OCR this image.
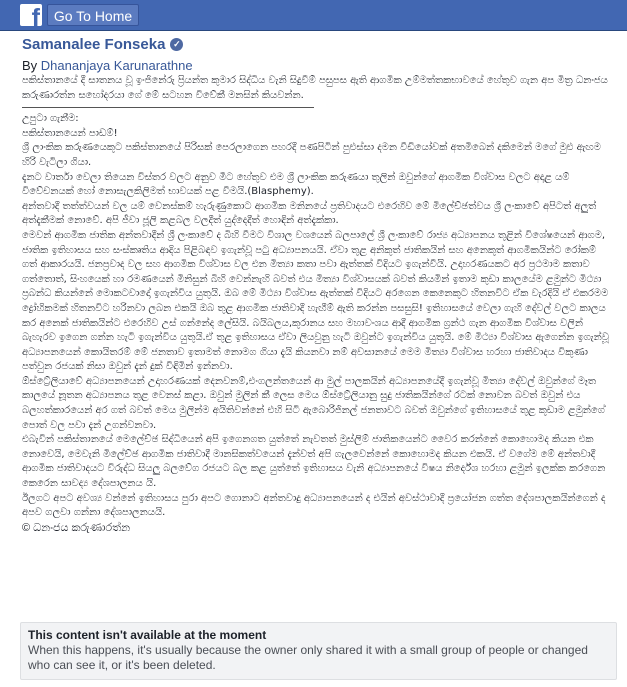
f Go To Home
Samanalee Fonseka ✓
By Dhananjaya Karunarathne

පකිස්තානයේ දී සාතනය වූ ඉංජිනේරු ප්‍රියන්ත කුමාර සිද්ධිය වැනි සිදුවීම් පසුපස ඇති ආගමික උම්මත්තකභාවයේ හේතුව ගැන අප මිත්‍ර ධනංජය කරුණාරත්න සහෝදරයා ගේ මේ සටහන විවේකී මනසින් කියවන්න.

උපුටා ගැනීම:

පකිස්තානයෙන් පාඩම්!

ශ්‍රී ලාංකික කරුණයෙකුට පකිස්තානයේ පිරිසක් පෙරලාගෙන පහරදී පණපිටින් පුළුස්සා දමන වීඩියෝවක් අතමිබෙන් දකිමෙන් මගේ මුළු ඇඟම හිරි වැටිලා ගියා.

දැනට වාර්තා වෙලා තියෙන විස්තර වලට අනුව මීට හේතුව එම ශ්‍රී ලාංකික කරුණයා තුලින් ඔවුන්ගේ ආගමික විශ්වාස වලට අදාළ යම් විවේචනයක් හෝ නොසැලකිලිමත් භාවයක් පළ වීමයි.(Blasphemy).

අන්තවාදී තත්ත්වයන් වල යම් වෙනස්කම් හැරුණුකොට ආගමික මනිනයේ ප්‍රතිවාදයට එරෙහිව මේ මිලේච්ඡත්වය ශ්‍රී ලංකාවේ අපිටත් අලුත් අත්දැකීමක් නොවේ. අපි ජීවා ජූලි කළබල වලදීත් යුද්දෙදීත් හොඳින් අත්දැක්කා.

මෙවන් ආගමික ජාතික අන්තවාදීන් ශ්‍රී ලංකාවේ ද බිහි වීමට විශාල වශයෙන් බලපාලේ ශ්‍රී ලංකාවේ රාජ්‍ය අධ්‍යාපනය තුළින් විශේෂයෙන් ආගම, ජාතික ඉතිහාසය සහ සංස්කෘතිය ආදිය පිළිබඳව ඉගැන්වූ පටු අධ්‍යාපනයයි. ඒවා තුළ අනිකුත් ජාතිකයින් සහ අනෙකුත් ආගමිකයින්ට රෝකම් ගත් ආකාරයයි. ජනප්‍රවාද වල සහ ආගමික විශ්වාස වල එන මිත්‍යා කතා පවා ඇත්තක් විදියට ඉගැන්වීයි. උදාහරණයකට අර ප්‍රථමාම කතාව ගත්තොත්, සිංහයෙක් හා රමණයෙන් මිනිසුන් බිහි වෙන්නැහි බවත් එය මිත්‍යා විශ්වාසයක් බවත් කියමින් ඉතාම කුඩා කාලයේම ළමුන්ට මිථ්‍යා ප්‍රබන්ධ කියන්නේ මොකටවාදෝ ඉගැන්විය යුතුයි. ඔබ මේ මිථ්‍යා විශ්වාස ඇත්තක් විදියට අරගෙන කෙනෙකුට හිතනවිට ඒක වැරදියි ඒ එකරමම ද්‍රෝහිකමක් හිතනවිට හරිනවා ලබන එකයි ඔබ තුළ ආගමික ජාතිවාදී හැඟීම් ඇති කරන්න පසසුසි! ඉතිහාසයේ වෙලා ගැහි දේවල් වලට කාලය කර අනෙක් ජාතිකයින්ට එරෙහිව උස් ගන්නේද ලේසියි. බයිබලය,කුරානය සහ මහාවංශය ආදී ආගමික ග්‍රන්ථ ගැන ආගමික විශ්වාස වලින් බැහැරව ඉගෙන ගන්න හැටි ඉගැන්විය යුතුයි.ඒ තුළ ඉතිහාසය ඒවා ලියවුනු හැටි ඔවුන්ට ඉගැන්විය යුතුයි. මේ මිථ්‍යා විශ්වාස ඇගෙන්න ඉගැන්වූ අධ්‍යාපනයෙන් කොයිතරම් මේ ජනතාව ඉතාමත් නොමග ගියා දැයි කියනවා නම් අවසානයේ මෙම මිත්‍යා විශ්වාස හරහා ජාතිවාදය විකුණා පත්වුන රජයක් නිසා ඔවුන් දැන් දුක් විඳිමින් ඉන්නවා.

ඕස්ට්‍රේලියාවේ අධ්‍යාපනයෙන් උදාහරණයක් දෙනවනම්,එංගලන්තයෙන් ආ මුල් පාලකයින් අධ්‍යාපනයේදී ඉගැන්වූ මිත්‍යා දේවල් ඔවුන්ගේ මෑත කාලයේ නූතන අධ්‍යාපනය තුළ වෙනස් කළා. ඔවුන් මුලින් කී ලෙස මෙය ඕස්ට්‍රේලියානු සුදු ජාතිකයින්ගේ රටක් නොවන බවත් ඔවුන් එය බලහත්කාරයෙන් අර ගත් බවත් මෙය මුලින්ම අයිතිවන්නේ එහි සිටි ඇබොරිජිනල් ජනතාවට බවත් ඔවුන්ගේ ඉතිහාසයේ තුළ කුඩාම ළමුන්ගේ පොත් වල පවා දැන් උගන්වනවා.

එබැවින් පකිස්තානයේ මෙලේච්ඡ සිද්ධියෙන් අපි ඉගෙනගත යුත්තේ නැවතත් මුස්ලිම් ජාතිකයෙන්ට වෛර කරන්නේ කොහොමද කියන එක නොවෙයි, මෙවැනි මිලේච්ඡ ආගමික ජාතිවාදී මානසිකත්වයෙන් දැන්වත් අපි ගැලවෙන්නේ කොහොමද කියන එකයි. ඒ වගේම මේ අන්තවාදී ආගමික ජාතිවාදයට විරුද්ධ සියලු බලවේග රජයට බල කළ යුත්තේ ඉතිහාසය වැනි අධ්‍යාපනයේ විෂය නිර්දේශ හරහා ළමුන් ඉලක්ක කරගෙන කෙරෙන සාවද්‍ය දේශපාලනය යි.

ඊලගට අපට අවශ්‍ය වන්නේ ඉතිහාසය පුරා අපට ගොනාට අන්තවාදු අධ්‍යාපනයෙන් ද එයින් අවස්ථාවාදී ප්‍රයෝජන ගත්ත දේශපාලකයින්ගෙන් ද අපව ගලවා ගන්නා දේශපාලනයයි.

© ධනංජය කරුණාරත්න

This content isn't available at the moment
When this happens, it's usually because the owner only shared it with a small group of people or changed who can see it, or it's been deleted.
